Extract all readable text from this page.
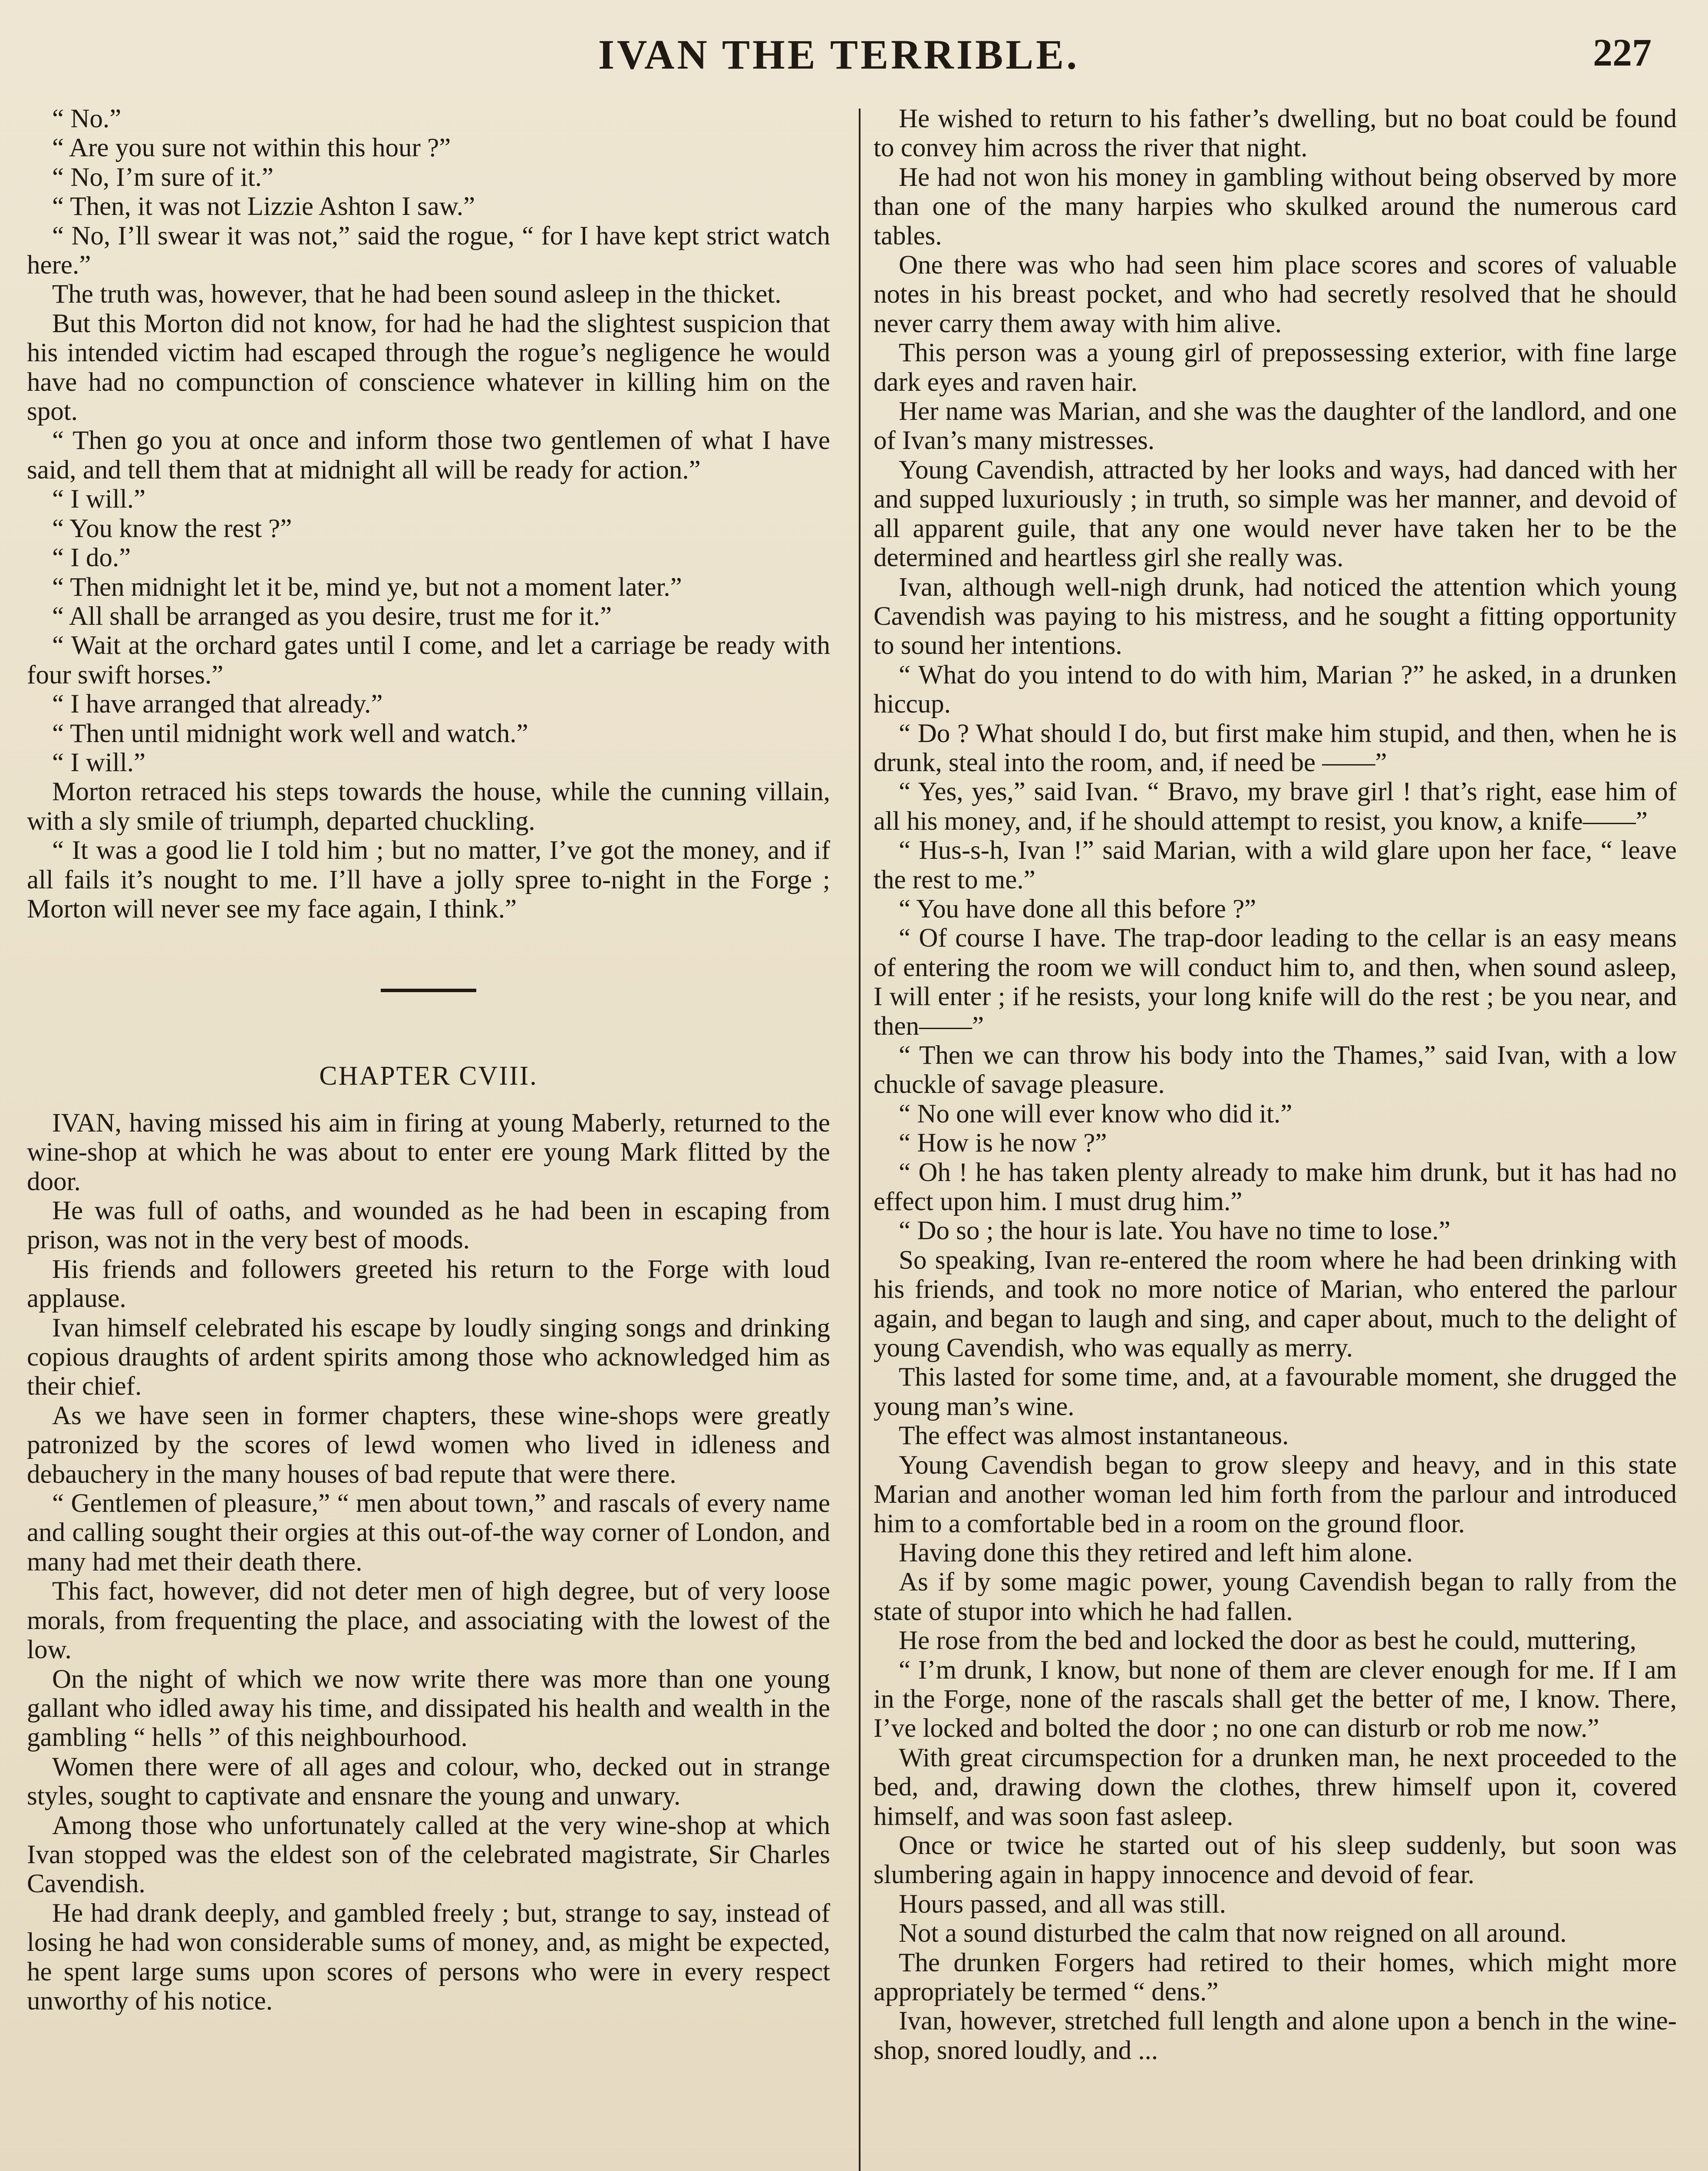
IVAN THE TERRIBLE.	227

“ No.”

“ Are you sure not within this hour ?”

“ No, I’m sure of it.”

“ Then, it was not Lizzie Ashton I saw.”

“ No, I’ll swear it was not,” said the rogue, “ for I have kept strict watch here.”

The truth was, however, that he had been sound asleep in the thicket.

But this Morton did not know, for had he had the slightest suspicion that his intended victim had escaped through the rogue’s negligence he would have had no compunction of conscience whatever in killing him on the spot.

“ Then go you at once and inform those two gentlemen of what I have said, and tell them that at midnight all will be ready for action.”

“ I will.”

“ You know the rest ?”

“ I do.”

“ Then midnight let it be, mind ye, but not a moment later.”

“ All shall be arranged as you desire, trust me for it.”

“ Wait at the orchard gates until I come, and let a carriage be ready with four swift horses.”

“ I have arranged that already.”

“ Then until midnight work well and watch.”

“ I will.”

Morton retraced his steps towards the house, while the cunning villain, with a sly smile of triumph, departed chuckling.

“ It was a good lie I told him ; but no matter, I’ve got the money, and if all fails it’s nought to me. I’ll have a jolly spree to-night in the Forge ; Morton will never see my face again, I think.”

CHAPTER CVIII.

IVAN, having missed his aim in firing at young Maberly, returned to the wine-shop at which he was about to enter ere young Mark flitted by the door.

He was full of oaths, and wounded as he had been in escaping from prison, was not in the very best of moods.

His friends and followers greeted his return to the Forge with loud applause.

Ivan himself celebrated his escape by loudly singing songs and drinking copious draughts of ardent spirits among those who acknowledged him as their chief.

As we have seen in former chapters, these wine-shops were greatly patronized by the scores of lewd women who lived in idleness and debauchery in the many houses of bad repute that were there.

“ Gentlemen of pleasure,” “ men about town,” and rascals of every name and calling sought their orgies at this out-of-the way corner of London, and many had met their death there.

This fact, however, did not deter men of high degree, but of very loose morals, from frequenting the place, and associating with the lowest of the low.

On the night of which we now write there was more than one young gallant who idled away his time, and dissipated his health and wealth in the gambling “ hells ” of this neighbourhood.

Women there were of all ages and colour, who, decked out in strange styles, sought to captivate and ensnare the young and unwary.

Among those who unfortunately called at the very wine-shop at which Ivan stopped was the eldest son of the celebrated magistrate, Sir Charles Cavendish.

He had drank deeply, and gambled freely ; but, strange to say, instead of losing he had won considerable sums of money, and, as might be expected, he spent large sums upon scores of persons who were in every respect unworthy of his notice.

He wished to return to his father’s dwelling, but no boat could be found to convey him across the river that night.

He had not won his money in gambling without being observed by more than one of the many harpies who skulked around the numerous card tables.

One there was who had seen him place scores and scores of valuable notes in his breast pocket, and who had secretly resolved that he should never carry them away with him alive.

This person was a young girl of prepossessing exterior, with fine large dark eyes and raven hair.

Her name was Marian, and she was the daughter of the landlord, and one of Ivan’s many mistresses.

Young Cavendish, attracted by her looks and ways, had danced with her and supped luxuriously ; in truth, so simple was her manner, and devoid of all apparent guile, that any one would never have taken her to be the determined and heartless girl she really was.

Ivan, although well-nigh drunk, had noticed the attention which young Cavendish was paying to his mistress, and he sought a fitting opportunity to sound her intentions.

“ What do you intend to do with him, Marian ?” he asked, in a drunken hiccup.

“ Do ? What should I do, but first make him stupid, and then, when he is drunk, steal into the room, and, if need be ——”

“ Yes, yes,” said Ivan. “ Bravo, my brave girl ! that’s right, ease him of all his money, and, if he should attempt to resist, you know, a knife——”

“ Hus-s-h, Ivan !” said Marian, with a wild glare upon her face, “ leave the rest to me.”

“ You have done all this before ?”

“ Of course I have. The trap-door leading to the cellar is an easy means of entering the room we will conduct him to, and then, when sound asleep, I will enter ; if he resists, your long knife will do the rest ; be you near, and then——”

“ Then we can throw his body into the Thames,” said Ivan, with a low chuckle of savage pleasure.

“ No one will ever know who did it.”

“ How is he now ?”

“ Oh ! he has taken plenty already to make him drunk, but it has had no effect upon him. I must drug him.”

“ Do so ; the hour is late. You have no time to lose.”

So speaking, Ivan re-entered the room where he had been drinking with his friends, and took no more notice of Marian, who entered the parlour again, and began to laugh and sing, and caper about, much to the delight of young Cavendish, who was equally as merry.

This lasted for some time, and, at a favourable moment, she drugged the young man’s wine.

The effect was almost instantaneous.

Young Cavendish began to grow sleepy and heavy, and in this state Marian and another woman led him forth from the parlour and introduced him to a comfortable bed in a room on the ground floor.

Having done this they retired and left him alone.

As if by some magic power, young Cavendish began to rally from the state of stupor into which he had fallen.

He rose from the bed and locked the door as best he could, muttering,

“ I’m drunk, I know, but none of them are clever enough for me. If I am in the Forge, none of the rascals shall get the better of me, I know. There, I’ve locked and bolted the door ; no one can disturb or rob me now.”

With great circumspection for a drunken man, he next proceeded to the bed, and, drawing down the clothes, threw himself upon it, covered himself, and was soon fast asleep.

Once or twice he started out of his sleep suddenly, but soon was slumbering again in happy innocence and devoid of fear.

Hours passed, and all was still.

Not a sound disturbed the calm that now reigned on all around.

The drunken Forgers had retired to their homes, which might more appropriately be termed “ dens.”

Ivan, however, stretched full length and alone upon a bench in the wine-shop, snored loudly, and ...
